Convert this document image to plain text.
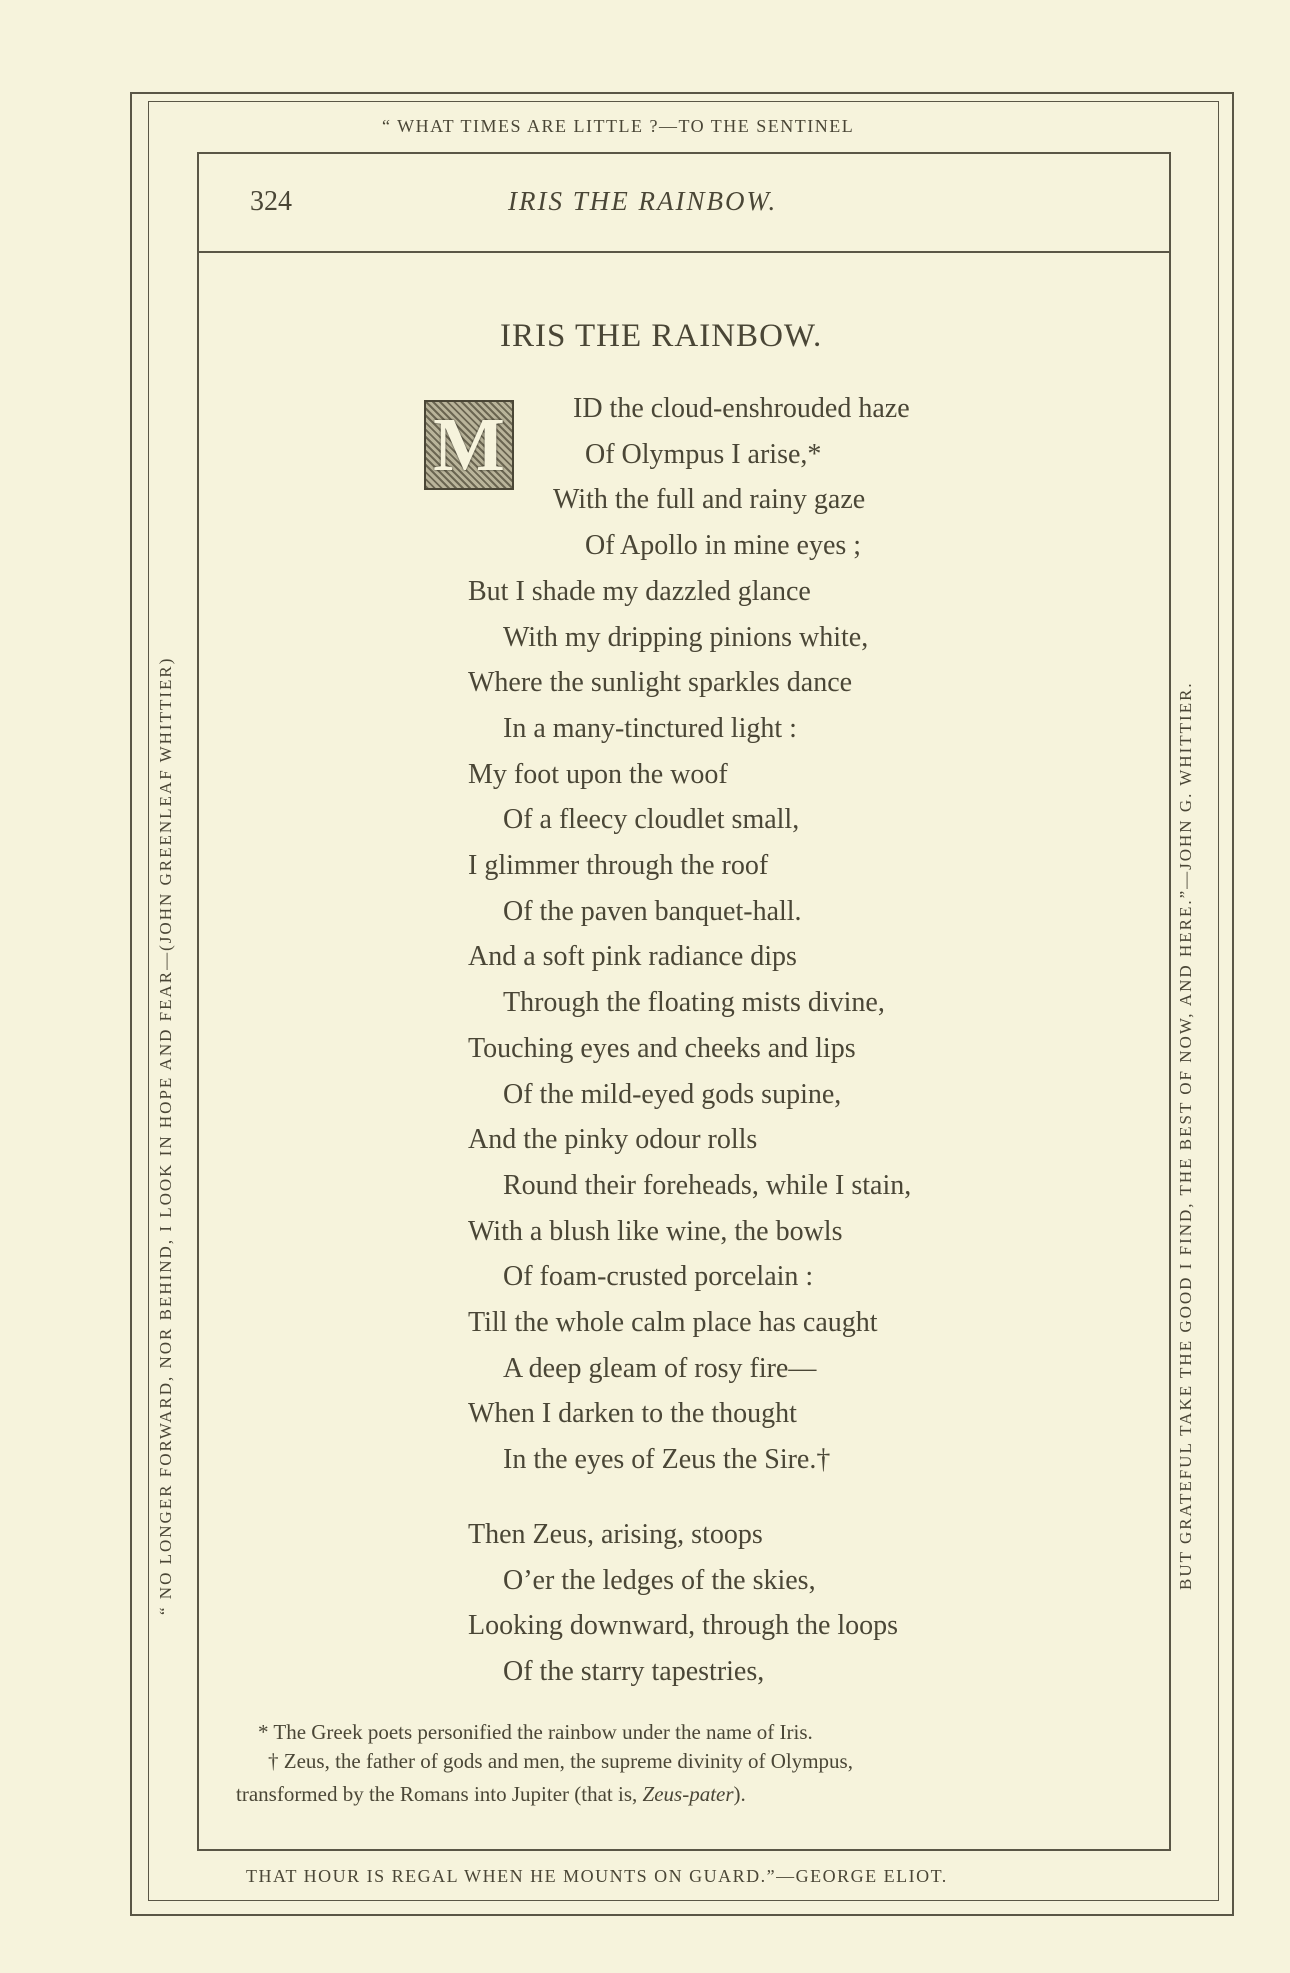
“ WHAT TIMES ARE LITTLE ?—TO THE SENTINEL
THAT HOUR IS REGAL WHEN HE MOUNTS ON GUARD.”—GEORGE ELIOT.
“ NO LONGER FORWARD, NOR BEHIND, I LOOK IN HOPE AND FEAR—(JOHN GREENLEAF WHITTIER)	BUT GRATEFUL TAKE THE GOOD I FIND, THE BEST OF NOW, AND HERE.”—JOHN G. WHITTIER.
324	IRIS THE RAINBOW.
IRIS THE RAINBOW.
M ID the cloud-enshrouded haze
Of Olympus I arise,*
With the full and rainy gaze
Of Apollo in mine eyes ;
But I shade my dazzled glance
With my dripping pinions white,
Where the sunlight sparkles dance
In a many-tinctured light :
My foot upon the woof
Of a fleecy cloudlet small,
I glimmer through the roof
Of the paven banquet-hall.
And a soft pink radiance dips
Through the floating mists divine,
Touching eyes and cheeks and lips
Of the mild-eyed gods supine,
And the pinky odour rolls
Round their foreheads, while I stain,
With a blush like wine, the bowls
Of foam-crusted porcelain :
Till the whole calm place has caught
A deep gleam of rosy fire—
When I darken to the thought
In the eyes of Zeus the Sire.†
Then Zeus, arising, stoops
O’er the ledges of the skies,
Looking downward, through the loops
Of the starry tapestries,
* The Greek poets personified the rainbow under the name of Iris.
† Zeus, the father of gods and men, the supreme divinity of Olympus,
transformed by the Romans into Jupiter (that is, Zeus-pater).
